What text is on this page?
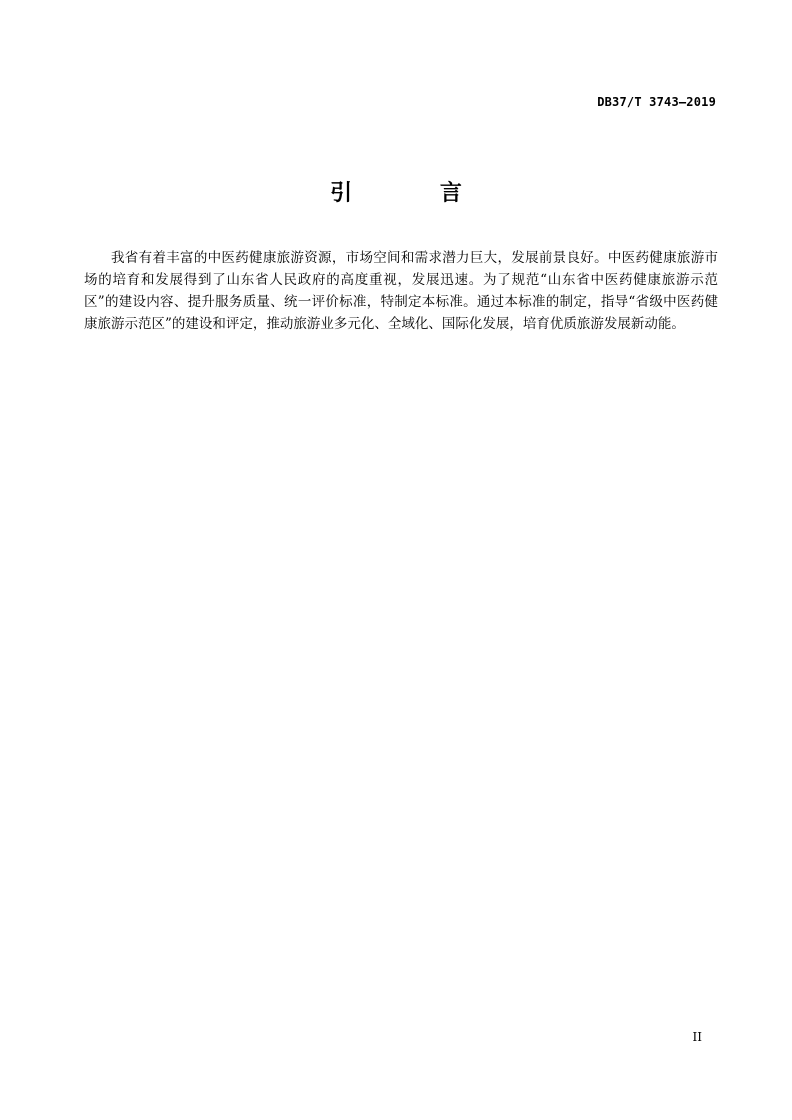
DB37/T 3743—2019
引 言

我省有着丰富的中医药健康旅游资源，市场空间和需求潜力巨大，发展前景良好。中医药健康旅游市场的培育和发展得到了山东省人民政府的高度重视，发展迅速。为了规范“山东省中医药健康旅游示范区”的建设内容、提升服务质量、统一评价标准，特制定本标准。通过本标准的制定，指导“省级中医药健康旅游示范区”的建设和评定，推动旅游业多元化、全域化、国际化发展，培育优质旅游发展新动能。

II
